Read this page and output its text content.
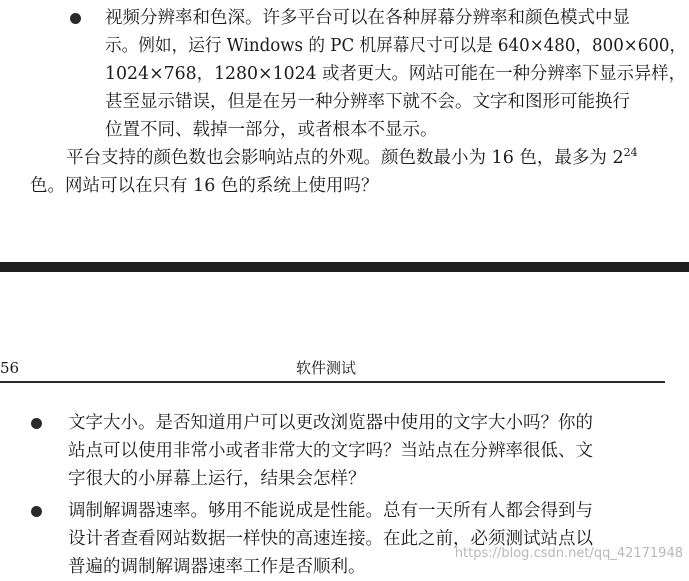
视频分辨率和色深。许多平台可以在各种屏幕分辨率和颜色模式中显
示。例如，运行 Windows 的 PC 机屏幕尺寸可以是 640×480，800×600，
1024×768，1280×1024 或者更大。网站可能在一种分辨率下显示异样，
甚至显示错误，但是在另一种分辨率下就不会。文字和图形可能换行
位置不同、载掉一部分，或者根本不显示。
平台支持的颜色数也会影响站点的外观。颜色数最小为 16 色，最多为 $2^{24}$
色。网站可以在只有 16 色的系统上使用吗？
56	软件测试
文字大小。是否知道用户可以更改浏览器中使用的文字大小吗？你的
站点可以使用非常小或者非常大的文字吗？当站点在分辨率很低、文
字很大的小屏幕上运行，结果会怎样？
调制解调器速率。够用不能说成是性能。总有一天所有人都会得到与
设计者查看网站数据一样快的高速连接。在此之前，必须测试站点以
普遍的调制解调器速率工作是否顺利。
https://blog.csdn.net/qq_42171948
